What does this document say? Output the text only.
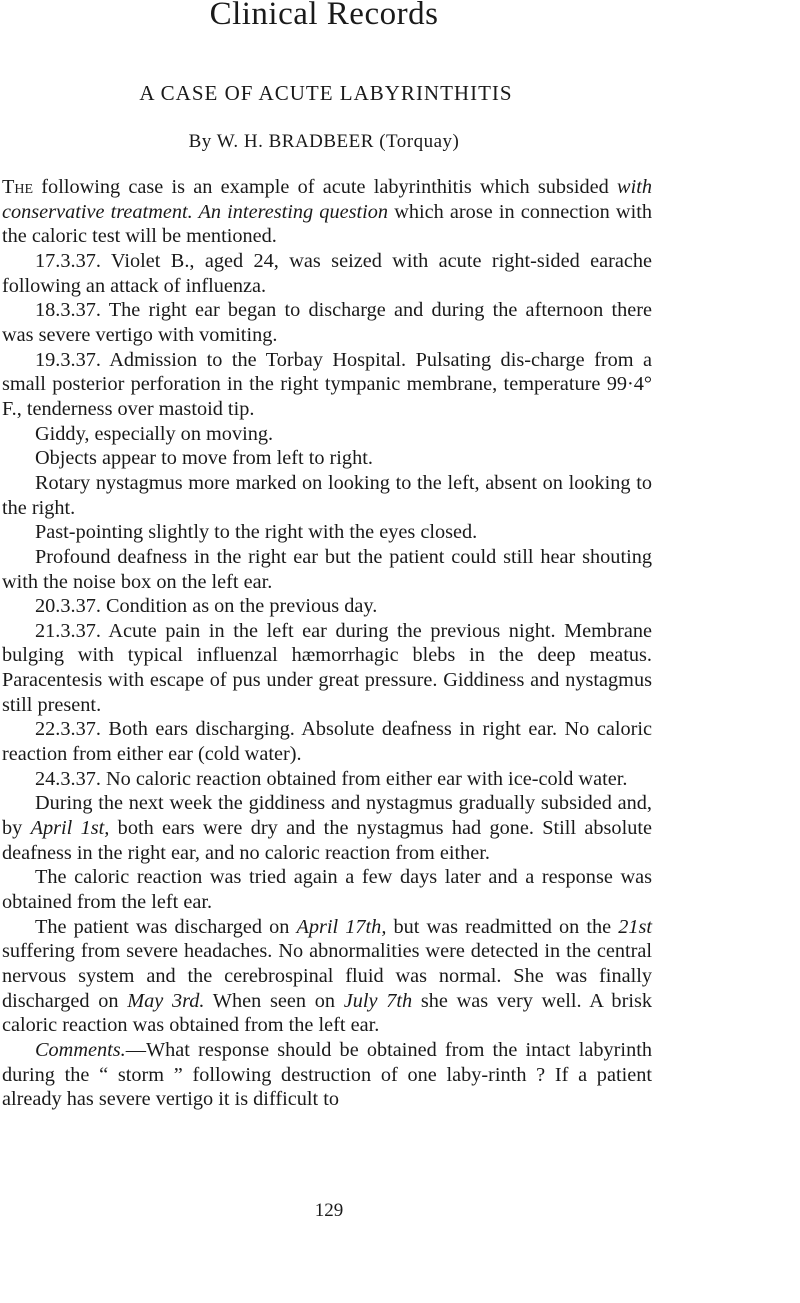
Clinical Records
A CASE OF ACUTE LABYRINTHITIS
By W. H. BRADBEER (Torquay)

The following case is an example of acute labyrinthitis which subsided with conservative treatment. An interesting question which arose in connection with the caloric test will be mentioned.

17.3.37. Violet B., aged 24, was seized with acute right-sided earache following an attack of influenza.

18.3.37. The right ear began to discharge and during the afternoon there was severe vertigo with vomiting.

19.3.37. Admission to the Torbay Hospital. Pulsating dis-charge from a small posterior perforation in the right tympanic membrane, temperature 99·4° F., tenderness over mastoid tip.

Giddy, especially on moving.

Objects appear to move from left to right.

Rotary nystagmus more marked on looking to the left, absent on looking to the right.

Past-pointing slightly to the right with the eyes closed.

Profound deafness in the right ear but the patient could still hear shouting with the noise box on the left ear.

20.3.37. Condition as on the previous day.

21.3.37. Acute pain in the left ear during the previous night. Membrane bulging with typical influenzal hæmorrhagic blebs in the deep meatus. Paracentesis with escape of pus under great pressure. Giddiness and nystagmus still present.

22.3.37. Both ears discharging. Absolute deafness in right ear. No caloric reaction from either ear (cold water).

24.3.37. No caloric reaction obtained from either ear with ice-cold water.

During the next week the giddiness and nystagmus gradually subsided and, by April 1st, both ears were dry and the nystagmus had gone. Still absolute deafness in the right ear, and no caloric reaction from either.

The caloric reaction was tried again a few days later and a response was obtained from the left ear.

The patient was discharged on April 17th, but was readmitted on the 21st suffering from severe headaches. No abnormalities were detected in the central nervous system and the cerebrospinal fluid was normal. She was finally discharged on May 3rd. When seen on July 7th she was very well. A brisk caloric reaction was obtained from the left ear.

Comments.—What response should be obtained from the intact labyrinth during the “ storm ” following destruction of one laby-rinth ? If a patient already has severe vertigo it is difficult to

129
